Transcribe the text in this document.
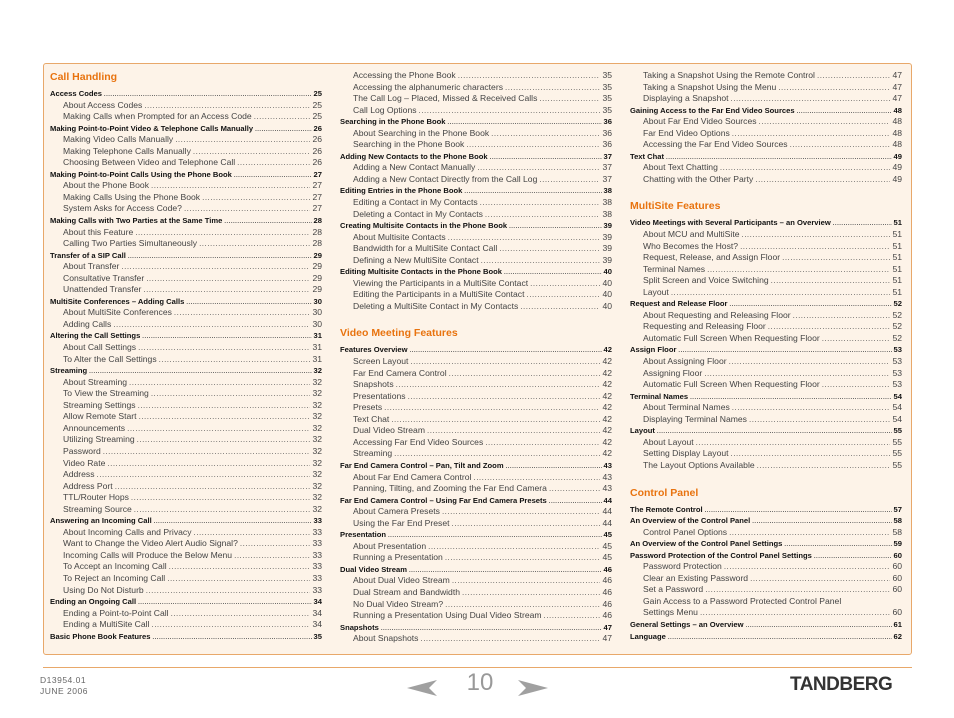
Call Handling
Access Codes .....	25
About Access Codes .....	25
Making Calls when Prompted for an Access Code .....	25
Making Point-to-Point Video & Telephone Calls Manually .....	26
Making Video Calls Manually .....	26
Making Telephone Calls Manually .....	26
Choosing Between Video and Telephone Call .....	26
Making Point-to-Point Calls Using the Phone Book .....	27
About the Phone Book .....	27
Making Calls Using the Phone Book .....	27
System Asks for Access Code? .....	27
Making Calls with Two Parties at the Same Time .....	28
About this Feature .....	28
Calling Two Parties Simultaneously .....	28
Transfer of a SIP Call .....	29
About Transfer .....	29
Consultative Transfer .....	29
Unattended Transfer .....	29
MultiSite Conferences – Adding Calls .....	30
About MultiSite Conferences .....	30
Adding Calls .....	30
Altering the Call Settings .....	31
About Call Settings .....	31
To Alter the Call Settings .....	31
Streaming .....	32
About Streaming .....	32
To View the Streaming .....	32
Streaming Settings .....	32
Allow Remote Start .....	32
Announcements .....	32
Utilizing Streaming .....	32
Password .....	32
Video Rate .....	32
Address .....	32
Address Port .....	32
TTL/Router Hops .....	32
Streaming Source .....	32
Answering an Incoming Call .....	33
About Incoming Calls and Privacy .....	33
Want to Change the Video Alert Audio Signal? .....	33
Incoming Calls will Produce the Below Menu .....	33
To Accept an Incoming Call .....	33
To Reject an Incoming Call .....	33
Using Do Not Disturb .....	33
Ending an Ongoing Call .....	34
Ending a Point-to-Point Call .....	34
Ending a MultiSite Call .....	34
Basic Phone Book Features .....	35
Accessing the Phone Book .....	35
Accessing the alphanumeric characters .....	35
The Call Log – Placed, Missed & Received Calls .....	35
Call Log Options .....	35
Searching in the Phone Book .....	36
About Searching in the Phone Book .....	36
Searching in the Phone Book .....	36
Adding New Contacts to the Phone Book .....	37
Adding a New Contact Manually .....	37
Adding a New Contact Directly from the Call Log .....	37
Editing Entries in the Phone Book .....	38
Editing a Contact in My Contacts .....	38
Deleting a Contact in My Contacts .....	38
Creating Multisite Contacts in the Phone Book .....	39
About Multisite Contacts .....	39
Bandwidth for a MultiSite Contact Call .....	39
Defining a New MultiSite Contact .....	39
Editing Multisite Contacts in the Phone Book .....	40
Viewing the Participants in a MultiSite Contact .....	40
Editing the Participants in a MultiSite Contact .....	40
Deleting a MultiSite Contact in My Contacts .....	40
Video Meeting Features
Features Overview .....	42
Screen Layout .....	42
Far End Camera Control .....	42
Snapshots .....	42
Presentations .....	42
Presets .....	42
Text Chat .....	42
Dual Video Stream .....	42
Accessing Far End Video Sources .....	42
Streaming .....	42
Far End Camera Control – Pan, Tilt and Zoom .....	43
About Far End Camera Control .....	43
Panning, Tilting, and Zooming the Far End Camera .....	43
Far End Camera Control – Using Far End Camera Presets .....	44
About Camera Presets .....	44
Using the Far End Preset .....	44
Presentation .....	45
About Presentation .....	45
Running a Presentation .....	45
Dual Video Stream .....	46
About Dual Video Stream .....	46
Dual Stream and Bandwidth .....	46
No Dual Video Stream? .....	46
Running a Presentation Using Dual Video Stream .....	46
Snapshots .....	47
About Snapshots .....	47
Taking a Snapshot Using the Remote Control .....	47
Taking a Snapshot Using the Menu .....	47
Displaying a Snapshot .....	47
Gaining Access to the Far End Video Sources .....	48
About Far End Video Sources .....	48
Far End Video Options .....	48
Accessing the Far End Video Sources .....	48
Text Chat .....	49
About Text Chatting .....	49
Chatting with the Other Party .....	49
MultiSite Features
Video Meetings with Several Participants – an Overview .....	51
About MCU and MultiSite .....	51
Who Becomes the Host? .....	51
Request, Release, and Assign Floor .....	51
Terminal Names .....	51
Split Screen and Voice Switching .....	51
Layout .....	51
Request and Release Floor .....	52
About Requesting and Releasing Floor .....	52
Requesting and Releasing Floor .....	52
Automatic Full Screen When Requesting Floor .....	52
Assign Floor .....	53
About Assigning Floor .....	53
Assigning Floor .....	53
Automatic Full Screen When Requesting Floor .....	53
Terminal Names .....	54
About Terminal Names .....	54
Displaying Terminal Names .....	54
Layout .....	55
About Layout .....	55
Setting Display Layout .....	55
The Layout Options Available .....	55
Control Panel
The Remote Control .....	57
An Overview of the Control Panel .....	58
Control Panel Options .....	58
An Overview of the Control Panel Settings .....	59
Password Protection of the Control Panel Settings .....	60
Password Protection .....	60
Clear an Existing Password .....	60
Set a Password .....	60
Gain Access to a Password Protected Control Panel
Settings Menu .....	60
General Settings – an Overview .....	61
Language .....	62
D13954.01
JUNE 2006	10	TANDBERG
